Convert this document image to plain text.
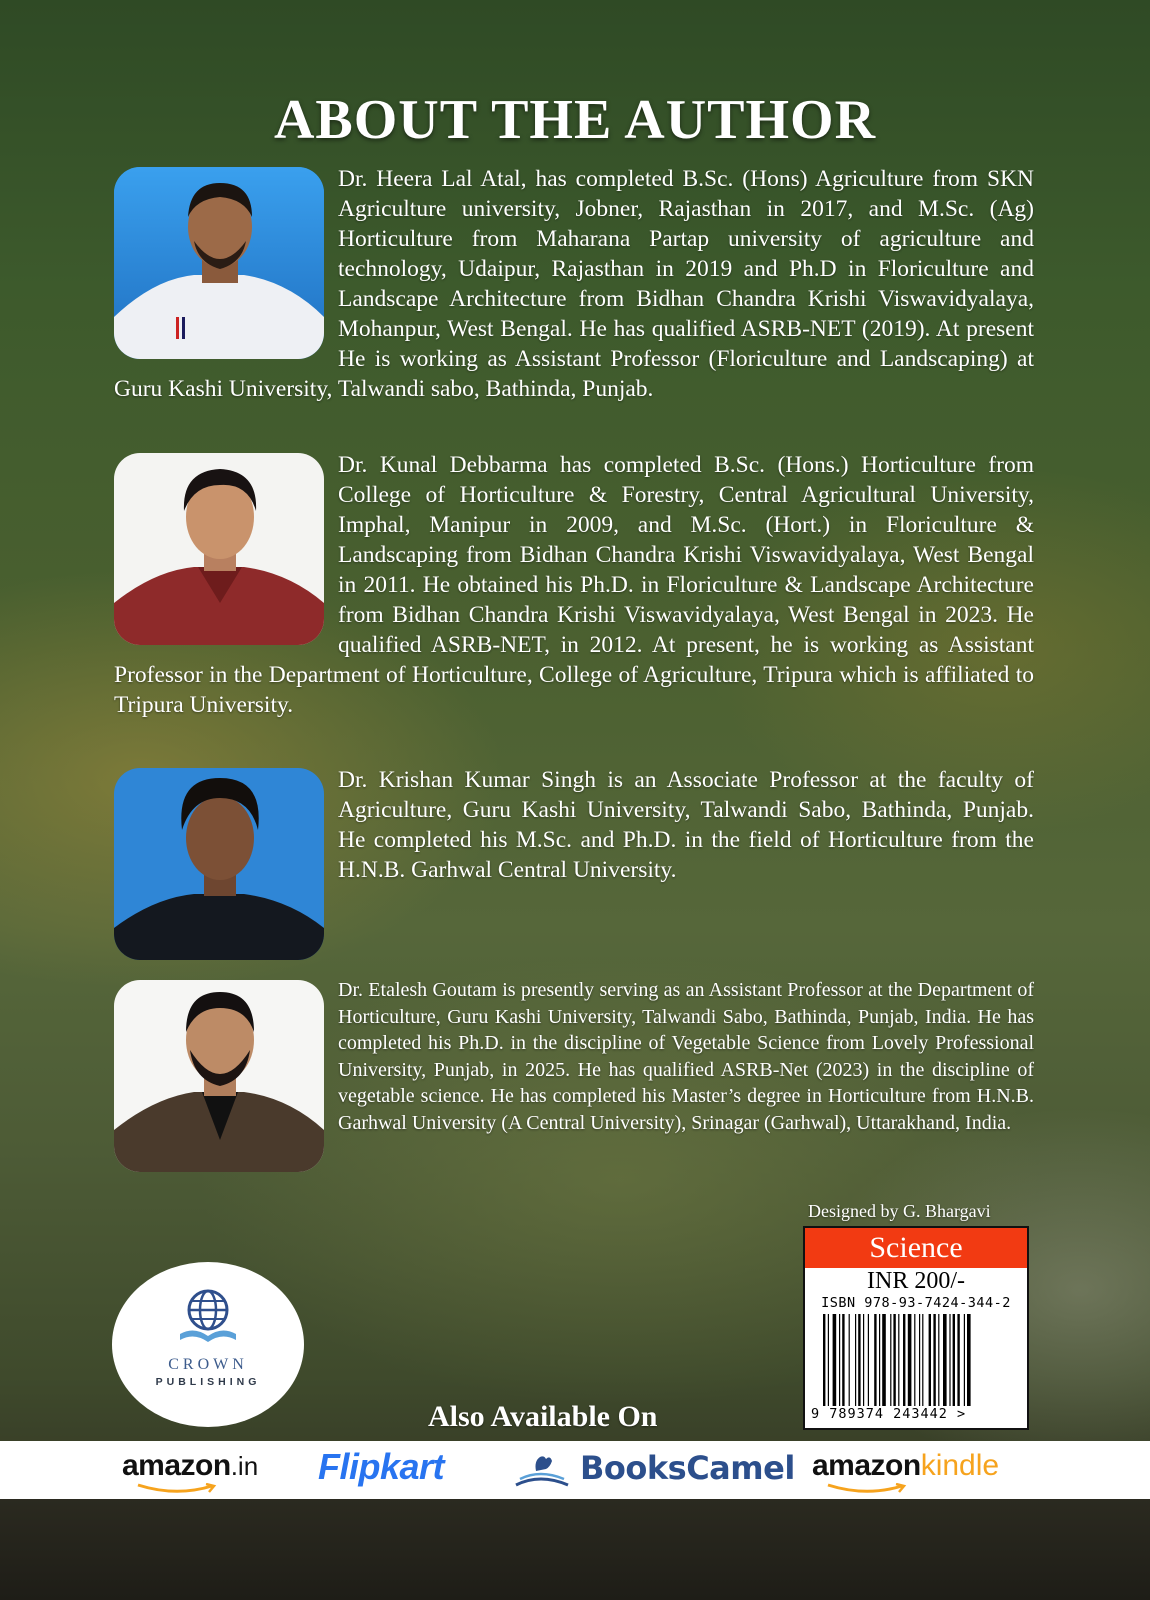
ABOUT THE AUTHOR
Dr. Heera Lal Atal, has completed B.Sc. (Hons) Agriculture from SKN Agriculture university, Jobner, Rajasthan in 2017, and M.Sc. (Ag) Horticulture from Maharana Partap university of agriculture and technology, Udaipur, Rajasthan in 2019 and Ph.D in Floriculture and Landscape Architecture from Bidhan Chandra Krishi Viswavidyalaya, Mohanpur, West Bengal. He has qualified ASRB-NET (2019). At present He is working as Assistant Professor (Floriculture and Landscaping) at Guru Kashi University, Talwandi sabo, Bathinda, Punjab.
Dr. Kunal Debbarma has completed B.Sc. (Hons.) Horticulture from College of Horticulture & Forestry, Central Agricultural University, Imphal, Manipur in 2009, and M.Sc. (Hort.) in Floriculture & Landscaping from Bidhan Chandra Krishi Viswavidyalaya, West Bengal in 2011. He obtained his Ph.D. in Floriculture & Landscape Architecture from Bidhan Chandra Krishi Viswavidyalaya, West Bengal in 2023. He qualified ASRB-NET, in 2012. At present, he is working as Assistant Professor in the Department of Horticulture, College of Agriculture, Tripura which is affiliated to Tripura University.
Dr. Krishan Kumar Singh is an Associate Professor at the faculty of Agriculture, Guru Kashi University, Talwandi Sabo, Bathinda, Punjab. He completed his M.Sc. and Ph.D. in the field of Horticulture from the H.N.B. Garhwal Central University.
Dr. Etalesh Goutam is presently serving as an Assistant Professor at the Department of Horticulture, Guru Kashi University, Talwandi Sabo, Bathinda, Punjab, India. He has completed his Ph.D. in the discipline of Vegetable Science from Lovely Professional University, Punjab, in 2025. He has qualified ASRB-Net (2023) in the discipline of vegetable science. He has completed his Master’s degree in Horticulture from H.N.B. Garhwal University (A Central University), Srinagar (Garhwal), Uttarakhand, India.
Designed by G. Bhargavi
Science
INR 200/-
ISBN 978-93-7424-344-2
9 789374 243442 >
CROWN
PUBLISHING
Also Available On
amazon.in Flipkart	BooksCamel amazonkindle
